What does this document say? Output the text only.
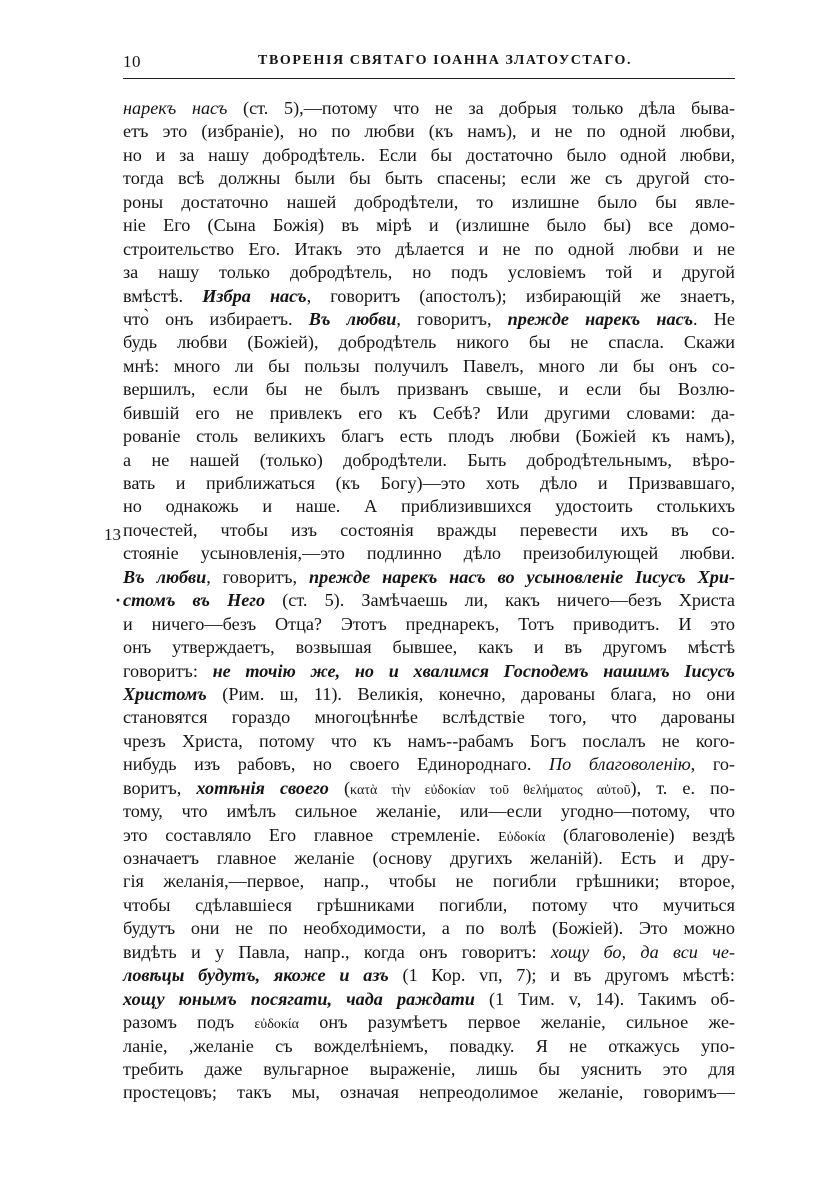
10	ТВОРЕНІЯ СВЯТАГО ІОАННА ЗЛАТОУСТАГО.
13
·
нарекъ насъ (ст. 5),—потому что не за добрыя только дѣла быва-
етъ это (избраніе), но по любви (къ намъ), и не по одной любви,
но и за нашу добродѣтель. Если бы достаточно было одной любви,
тогда всѣ должны были бы быть спасены; если же съ другой сто-
роны достаточно нашей добродѣтели, то излишне было бы явле-
ніе Его (Сына Божія) въ мірѣ и (излишне было бы) все домо-
строительство Его. Итакъ это дѣлается и не по одной любви и не
за нашу только добродѣтель, но подъ условіемъ той и другой
вмѣстѣ. Избра насъ, говоритъ (апостолъ); избирающій же знаетъ,
что̀ онъ избираетъ. Въ любви, говоритъ, прежде нарекъ насъ. Не
будь любви (Божіей), добродѣтель никого бы не спасла. Скажи
мнѣ: много ли бы пользы получилъ Павелъ, много ли бы онъ со-
вершилъ, если бы не былъ призванъ свыше, и если бы Возлю-
бившій его не привлекъ его къ Себѣ? Или другими словами: да-
рованіе столь великихъ благъ есть плодъ любви (Божіей къ намъ),
а не нашей (только) добродѣтели. Быть добродѣтельнымъ, вѣро-
вать и приближаться (къ Богу)—это хоть дѣло и Призвавшаго,
но однакожь и наше. А приблизившихся удостоить столькихъ
почестей, чтобы изъ состоянія вражды перевести ихъ въ со-
стояніе усыновленія,—это подлинно дѣло преизобилующей любви.
Въ любви, говоритъ, прежде нарекъ насъ во усыновленіе Іисусъ Хри-
стомъ въ Него (ст. 5). Замѣчаешь ли, какъ ничего—безъ Христа
и ничего—безъ Отца? Этотъ преднарекъ, Тотъ приводитъ. И это
онъ утверждаетъ, возвышая бывшее, какъ и въ другомъ мѣстѣ
говоритъ: не точію же, но и хвалимся Господемъ нашимъ Іисусъ
Христомъ (Рим. ш, 11). Великія, конечно, дарованы блага, но они
становятся гораздо многоцѣннѣе вслѣдствіе того, что дарованы
чрезъ Христа, потому что къ намъ--рабамъ Богъ послалъ не кого-
нибудь изъ рабовъ, но своего Единороднаго. По благоволенію, го-
воритъ, хотѣнія своего (κατὰ τὴν εὐδοκίαν τοῦ θελήματος αὐτοῦ), т. е. по-
тому, что имѣлъ сильное желаніе, или—если угодно—потому, что
это составляло Его главное стремленіе. Εὐδοκία (благоволеніе) вездѣ
означаетъ главное желаніе (основу другихъ желаній). Есть и дру-
гія желанія,—первое, напр., чтобы не погибли грѣшники; второе,
чтобы сдѣлавшіеся грѣшниками погибли, потому что мучиться
будутъ они не по необходимости, а по волѣ (Божіей). Это можно
видѣть и у Павла, напр., когда онъ говоритъ: хощу бо, да вси че-
ловѣцы будутъ, якоже и азъ (1 Кор. vп, 7); и въ другомъ мѣстѣ:
хощу юнымъ посягати, чада раждати (1 Тим. v, 14). Такимъ об-
разомъ подъ εὐδοκία онъ разумѣетъ первое желаніе, сильное же-
ланіе, ,желаніе съ вожделѣніемъ, повадку. Я не откажусь упо-
требить даже вульгарное выраженіе, лишь бы уяснить это для
простецовъ; такъ мы, означая непреодолимое желаніе, говоримъ—
